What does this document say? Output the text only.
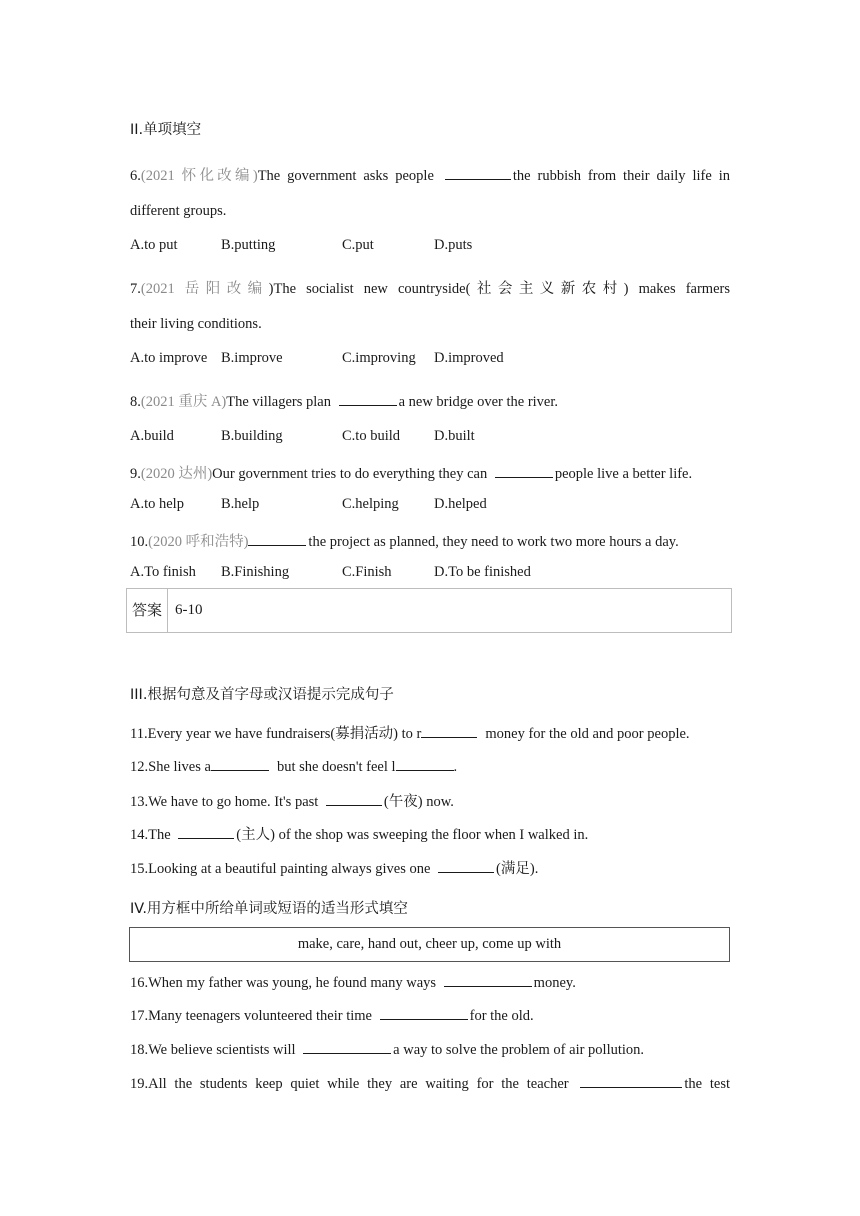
II.单项填空
6.(2021 怀化改编)The government asks people	the rubbish from their daily life in
different groups.
A.to put	B.putting	C.put	D.puts
7.(2021 岳阳改编)The socialist new countryside(社会主义新农村) makes farmers
their living conditions.
A.to improve B.improve	C.improving D.improved
8.(2021 重庆 A)The villagers plan	a new bridge over the river.
A.build	B.building	C.to build D.built
9.(2020 达州)Our government tries to do everything they can	people live a better life.
A.to help	B.help	C.helping D.helped
10.(2020 呼和浩特)	the project as planned, they need to work two more hours a day.
A.To finish B.Finishing	C.Finish	D.To be finished
答案 6-10
III.根据句意及首字母或汉语提示完成句子
11.Every year we have fundraisers(募捐活动) to r	money for the old and poor people.
12.She lives a	but she doesn't feel l	.
13.We have to go home. It's past	(午夜) now.
14.The	(主人) of the shop was sweeping the floor when I walked in.
15.Looking at a beautiful painting always gives one	(满足).
IV.用方框中所给单词或短语的适当形式填空
make, care, hand out, cheer up, come up with
16.When my father was young, he found many ways	money.
17.Many teenagers volunteered their time	for the old.
18.We believe scientists will	a way to solve the problem of air pollution.
19.All the students keep quiet while they are waiting for the teacher	the test
